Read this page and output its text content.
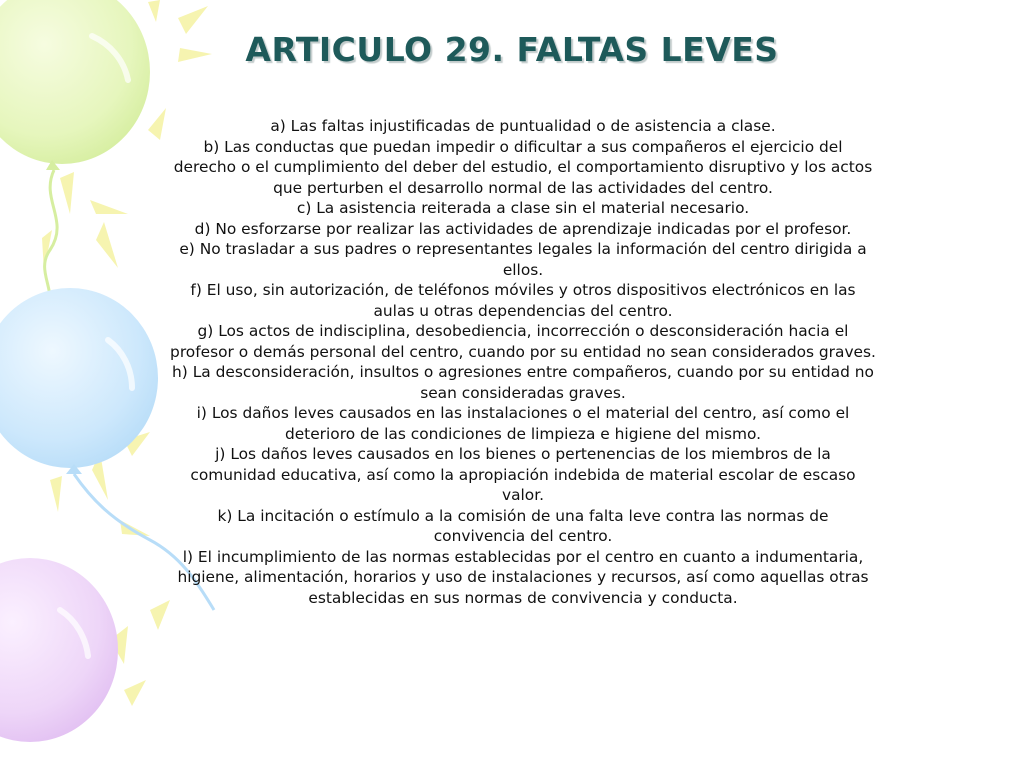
ARTICULO 29. FALTAS LEVES

a) Las faltas injustificadas de puntualidad o de asistencia a clase.

b) Las conductas que puedan impedir o dificultar a sus compañeros el ejercicio del derecho o el cumplimiento del deber del estudio, el comportamiento disruptivo y los actos que perturben el desarrollo normal de las actividades del centro.

c) La asistencia reiterada a clase sin el material necesario.

d) No esforzarse por realizar las actividades de aprendizaje indicadas por el profesor.

e) No trasladar a sus padres o representantes legales la información del centro dirigida a ellos.

f) El uso, sin autorización, de teléfonos móviles y otros dispositivos electrónicos en las aulas u otras dependencias del centro.

g) Los actos de indisciplina, desobediencia, incorrección o desconsideración hacia el profesor o demás personal del centro, cuando por su entidad no sean considerados graves.

h) La desconsideración, insultos o agresiones entre compañeros, cuando por su entidad no sean consideradas graves.

i) Los daños leves causados en las instalaciones o el material del centro, así como el deterioro de las condiciones de limpieza e higiene del mismo.

j) Los daños leves causados en los bienes o pertenencias de los miembros de la comunidad educativa, así como la apropiación indebida de material escolar de escaso valor.

k) La incitación o estímulo a la comisión de una falta leve contra las normas de convivencia del centro.

l) El incumplimiento de las normas establecidas por el centro en cuanto a indumentaria, higiene, alimentación, horarios y uso de instalaciones y recursos, así como aquellas otras establecidas en sus normas de convivencia y conducta.
